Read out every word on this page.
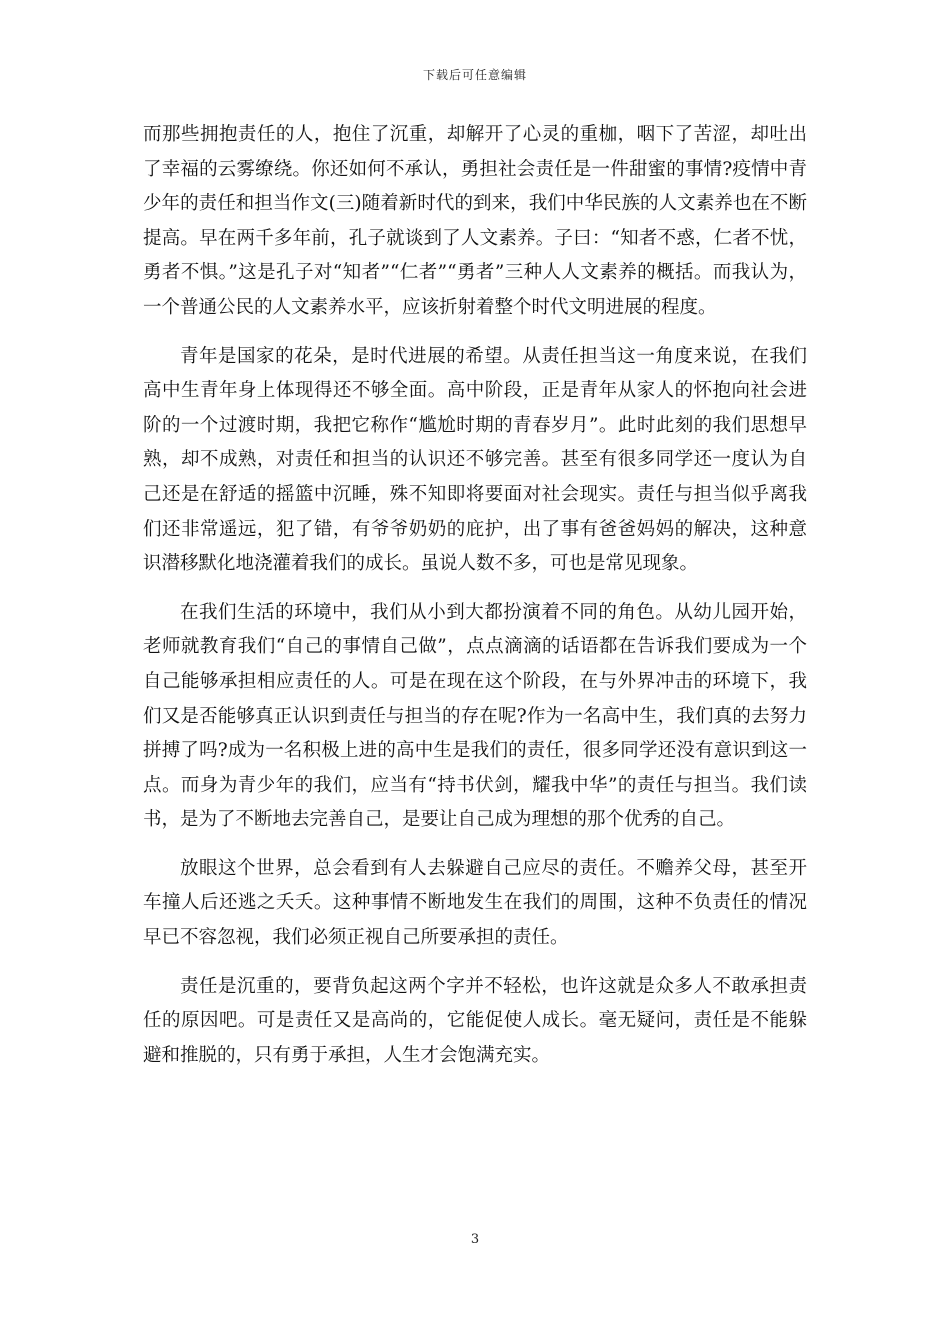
下载后可任意编辑

而那些拥抱责任的人，抱住了沉重，却解开了心灵的重枷，咽下了苦涩，却吐出了幸福的云雾缭绕。你还如何不承认，勇担社会责任是一件甜蜜的事情?疫情中青少年的责任和担当作文(三)随着新时代的到来，我们中华民族的人文素养也在不断提高。早在两千多年前，孔子就谈到了人文素养。子曰：“知者不惑，仁者不忧，勇者不惧。”这是孔子对“知者”“仁者”“勇者”三种人人文素养的概括。而我认为，一个普通公民的人文素养水平，应该折射着整个时代文明进展的程度。

青年是国家的花朵，是时代进展的希望。从责任担当这一角度来说，在我们高中生青年身上体现得还不够全面。高中阶段，正是青年从家人的怀抱向社会进阶的一个过渡时期，我把它称作“尴尬时期的青春岁月”。此时此刻的我们思想早熟，却不成熟，对责任和担当的认识还不够完善。甚至有很多同学还一度认为自己还是在舒适的摇篮中沉睡，殊不知即将要面对社会现实。责任与担当似乎离我们还非常遥远，犯了错，有爷爷奶奶的庇护，出了事有爸爸妈妈的解决，这种意识潜移默化地浇灌着我们的成长。虽说人数不多，可也是常见现象。

在我们生活的环境中，我们从小到大都扮演着不同的角色。从幼儿园开始，老师就教育我们“自己的事情自己做”，点点滴滴的话语都在告诉我们要成为一个自己能够承担相应责任的人。可是在现在这个阶段，在与外界冲击的环境下，我们又是否能够真正认识到责任与担当的存在呢?作为一名高中生，我们真的去努力拼搏了吗?成为一名积极上进的高中生是我们的责任，很多同学还没有意识到这一点。而身为青少年的我们，应当有“持书伏剑，耀我中华”的责任与担当。我们读书，是为了不断地去完善自己，是要让自己成为理想的那个优秀的自己。

放眼这个世界，总会看到有人去躲避自己应尽的责任。不赡养父母，甚至开车撞人后还逃之夭夭。这种事情不断地发生在我们的周围，这种不负责任的情况早已不容忽视，我们必须正视自己所要承担的责任。

责任是沉重的，要背负起这两个字并不轻松，也许这就是众多人不敢承担责任的原因吧。可是责任又是高尚的，它能促使人成长。毫无疑问，责任是不能躲避和推脱的，只有勇于承担，人生才会饱满充实。

3
